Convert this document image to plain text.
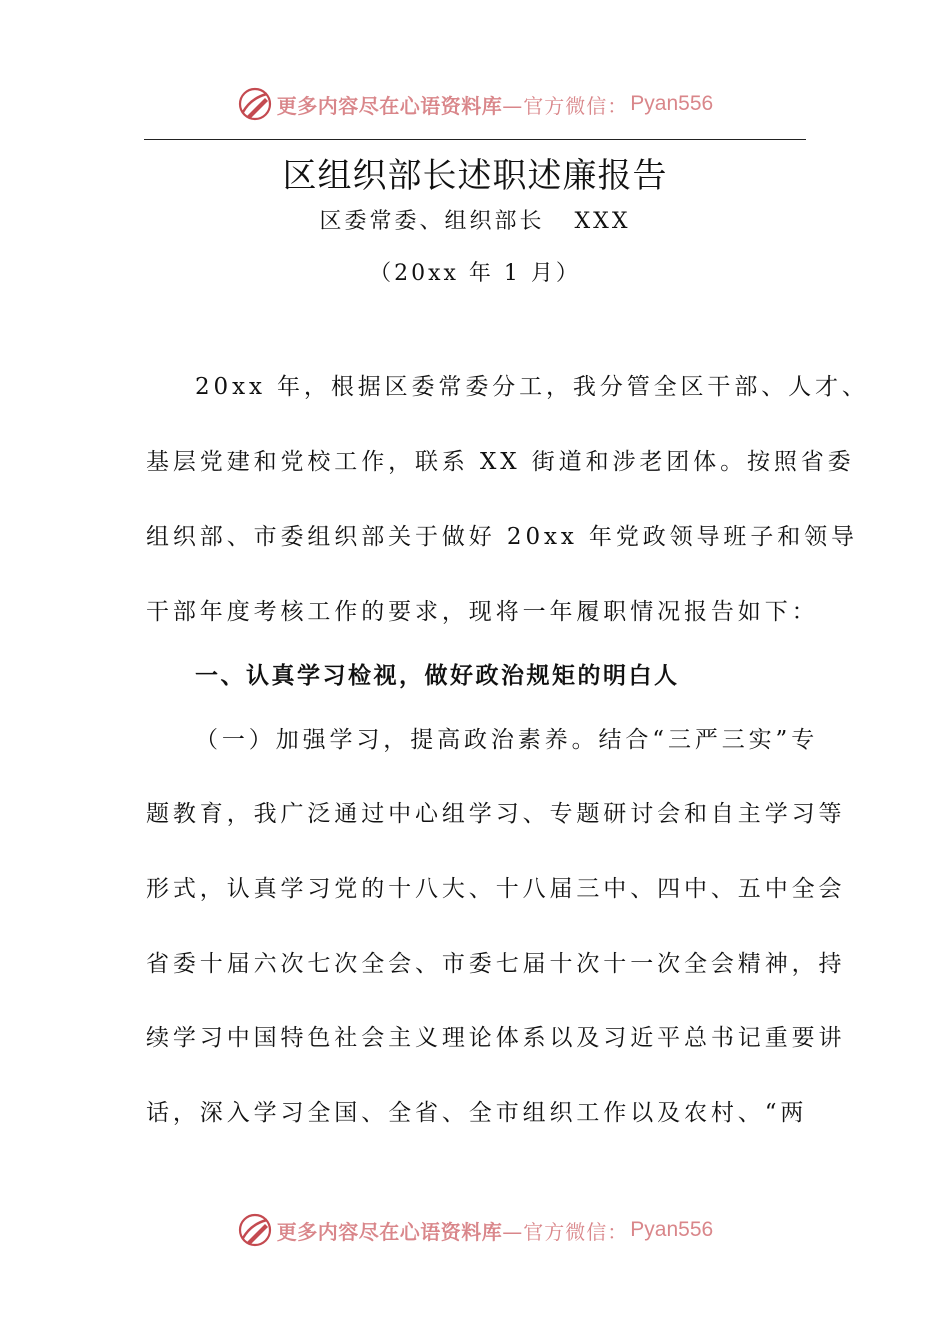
更多内容尽在心语资料库 —官方微信： Pyan556
区组织部长述职述廉报告
区委常委、组织部长   XXX
（20xx 年 1 月）
20xx 年，根据区委常委分工，我分管全区干部、人才、
基层党建和党校工作，联系 XX 街道和涉老团体。按照省委
组织部、市委组织部关于做好 20xx 年党政领导班子和领导
干部年度考核工作的要求，现将一年履职情况报告如下：
一、认真学习检视，做好政治规矩的明白人
（一）加强学习，提高政治素养。结合“三严三实”专
题教育，我广泛通过中心组学习、专题研讨会和自主学习等
形式，认真学习党的十八大、十八届三中、四中、五中全会
省委十届六次七次全会、市委七届十次十一次全会精神，持
续学习中国特色社会主义理论体系以及习近平总书记重要讲
话，深入学习全国、全省、全市组织工作以及农村、“两
更多内容尽在心语资料库 —官方微信： Pyan556
